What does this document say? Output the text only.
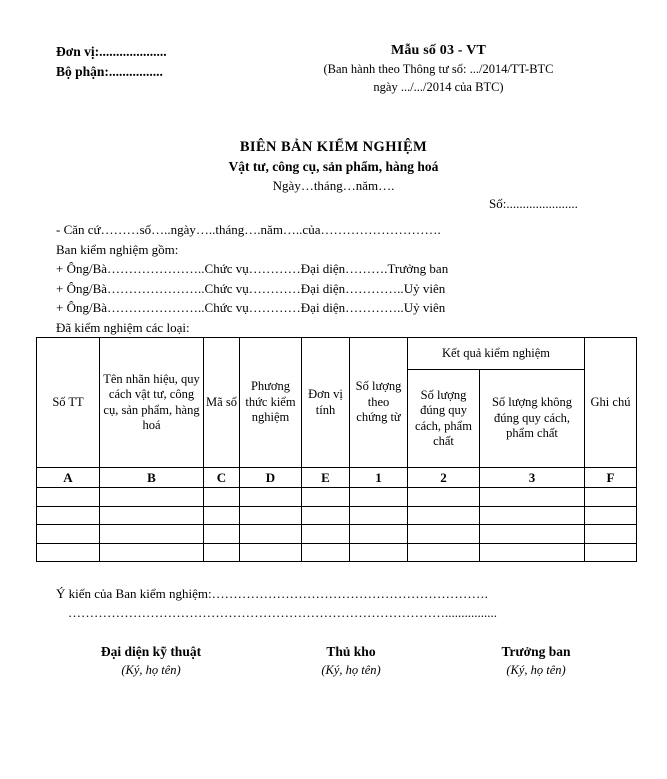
Đơn vị:....................
Bộ phận:................
Mẫu số 03 - VT
(Ban hành theo Thông tư số: .../2014/TT-BTC
ngày .../.../2014 của BTC)
BIÊN BẢN KIỂM NGHIỆM
Vật tư, công cụ, sản phẩm, hàng hoá
Ngày…tháng…năm….
Số:......................
- Căn cứ………số…..ngày…..tháng….năm…..của……………………….
Ban kiểm nghiệm gồm:
+ Ông/Bà…………………..Chức vụ…………Đại diện……….Trưởng ban
+ Ông/Bà…………………..Chức vụ…………Đại diện…………..Uỷ viên
+ Ông/Bà…………………..Chức vụ…………Đại diện…………..Uỷ viên
Đã kiểm nghiệm các loại:
Số TT	Tên nhãn hiệu, quy cách vật tư, công cụ, sản phẩm, hàng hoá	Mã số	Phương thức kiểm nghiệm	Đơn vị tính	Số lượng theo chứng từ	Kết quả kiểm nghiệm		Ghi chú
						Số lượng đúng quy cách, phẩm chất	Số lượng không đúng quy cách, phẩm chất	
A	B	C	D	E	1	2	3	F

Ý kiến của Ban kiểm nghiệm:……………………………………………………….
……………………………………………………………………………................
Đại diện kỹ thuật
(Ký, họ tên)
Thủ kho
(Ký, họ tên)
Trưởng ban
(Ký, họ tên)
